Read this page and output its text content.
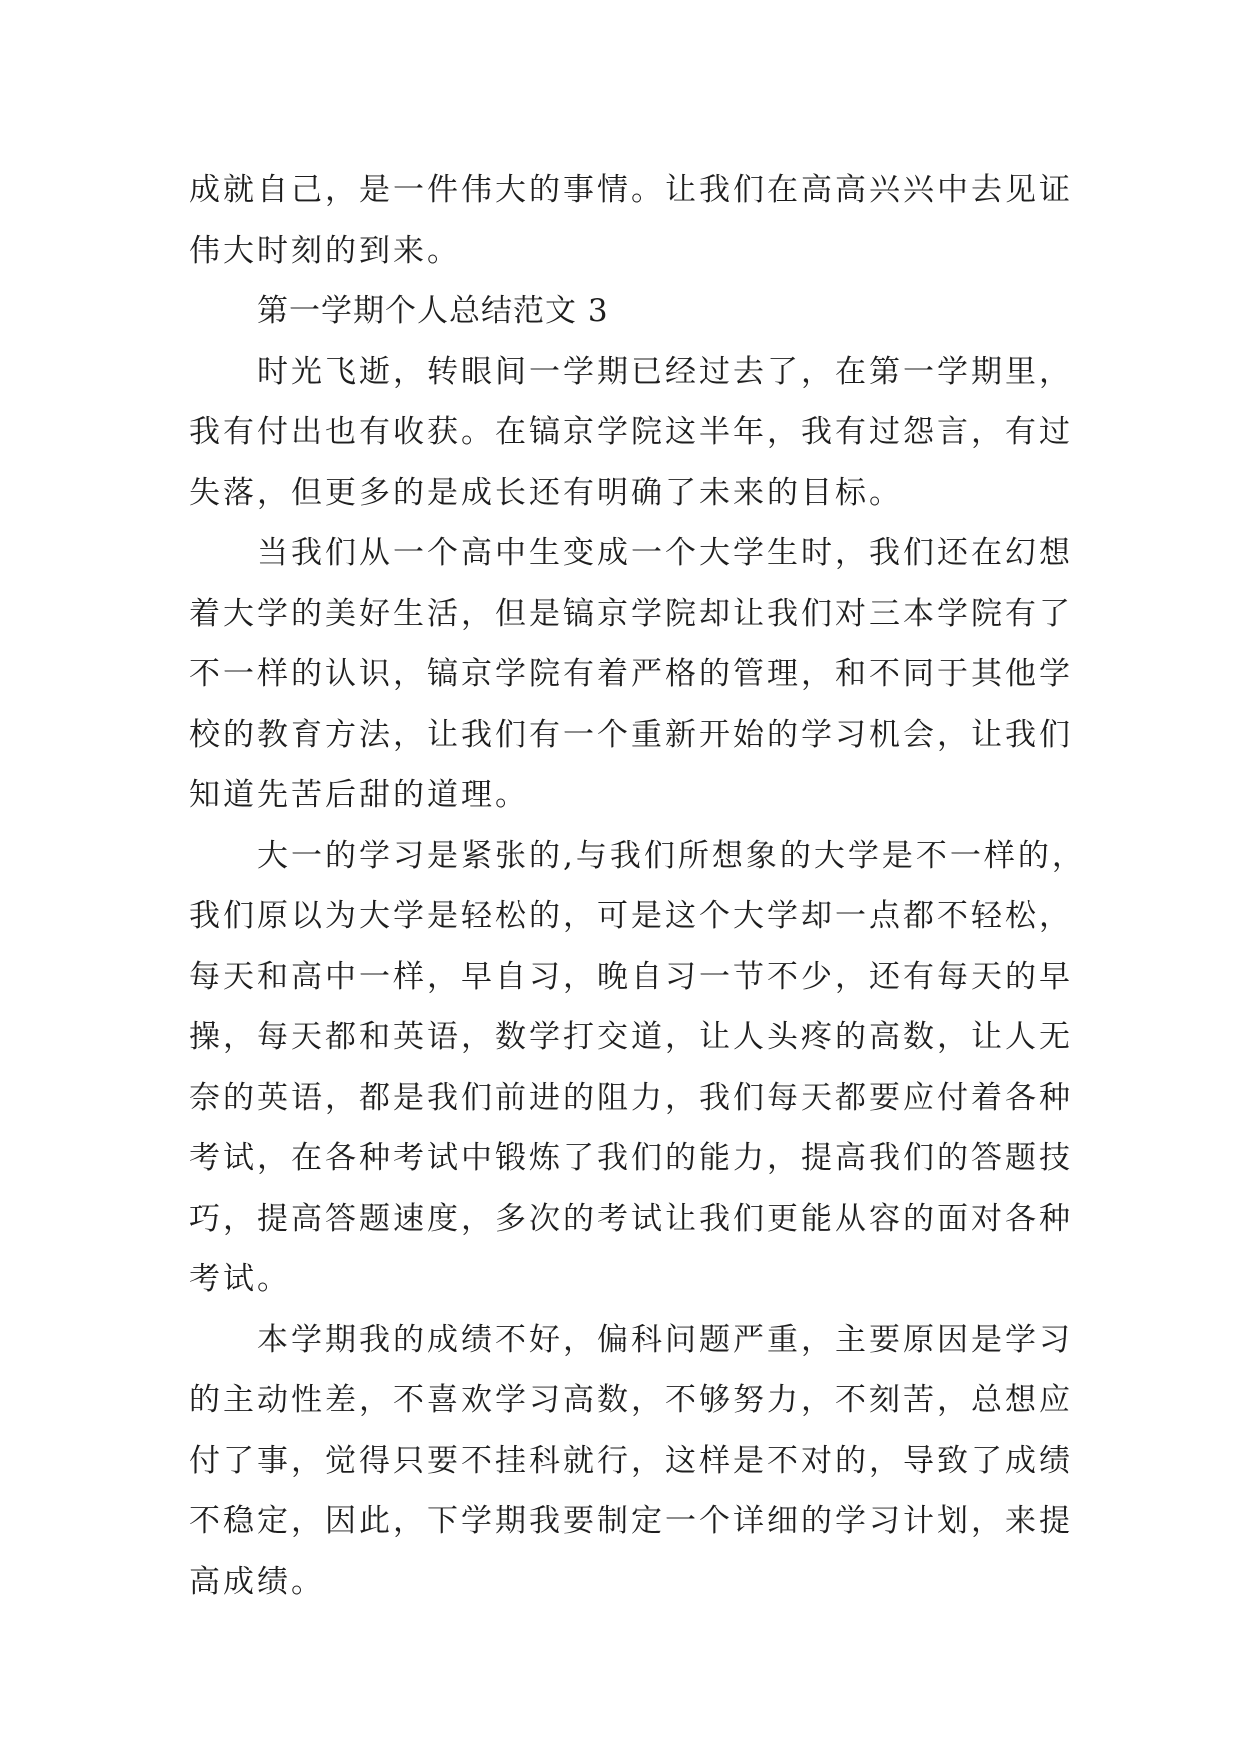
成就自己，是一件伟大的事情。让我们在高高兴兴中去见证
伟大时刻的到来。
第一学期个人总结范文 3
时光飞逝，转眼间一学期已经过去了，在第一学期里，
我有付出也有收获。在镐京学院这半年，我有过怨言，有过
失落，但更多的是成长还有明确了未来的目标。
当我们从一个高中生变成一个大学生时，我们还在幻想
着大学的美好生活，但是镐京学院却让我们对三本学院有了
不一样的认识，镐京学院有着严格的管理，和不同于其他学
校的教育方法，让我们有一个重新开始的学习机会，让我们
知道先苦后甜的道理。
大一的学习是紧张的,与我们所想象的大学是不一样的，
我们原以为大学是轻松的，可是这个大学却一点都不轻松，
每天和高中一样，早自习，晚自习一节不少，还有每天的早
操，每天都和英语，数学打交道，让人头疼的高数，让人无
奈的英语，都是我们前进的阻力，我们每天都要应付着各种
考试，在各种考试中锻炼了我们的能力，提高我们的答题技
巧，提高答题速度，多次的考试让我们更能从容的面对各种
考试。
本学期我的成绩不好，偏科问题严重，主要原因是学习
的主动性差，不喜欢学习高数，不够努力，不刻苦，总想应
付了事，觉得只要不挂科就行，这样是不对的，导致了成绩
不稳定，因此，下学期我要制定一个详细的学习计划，来提
高成绩。
